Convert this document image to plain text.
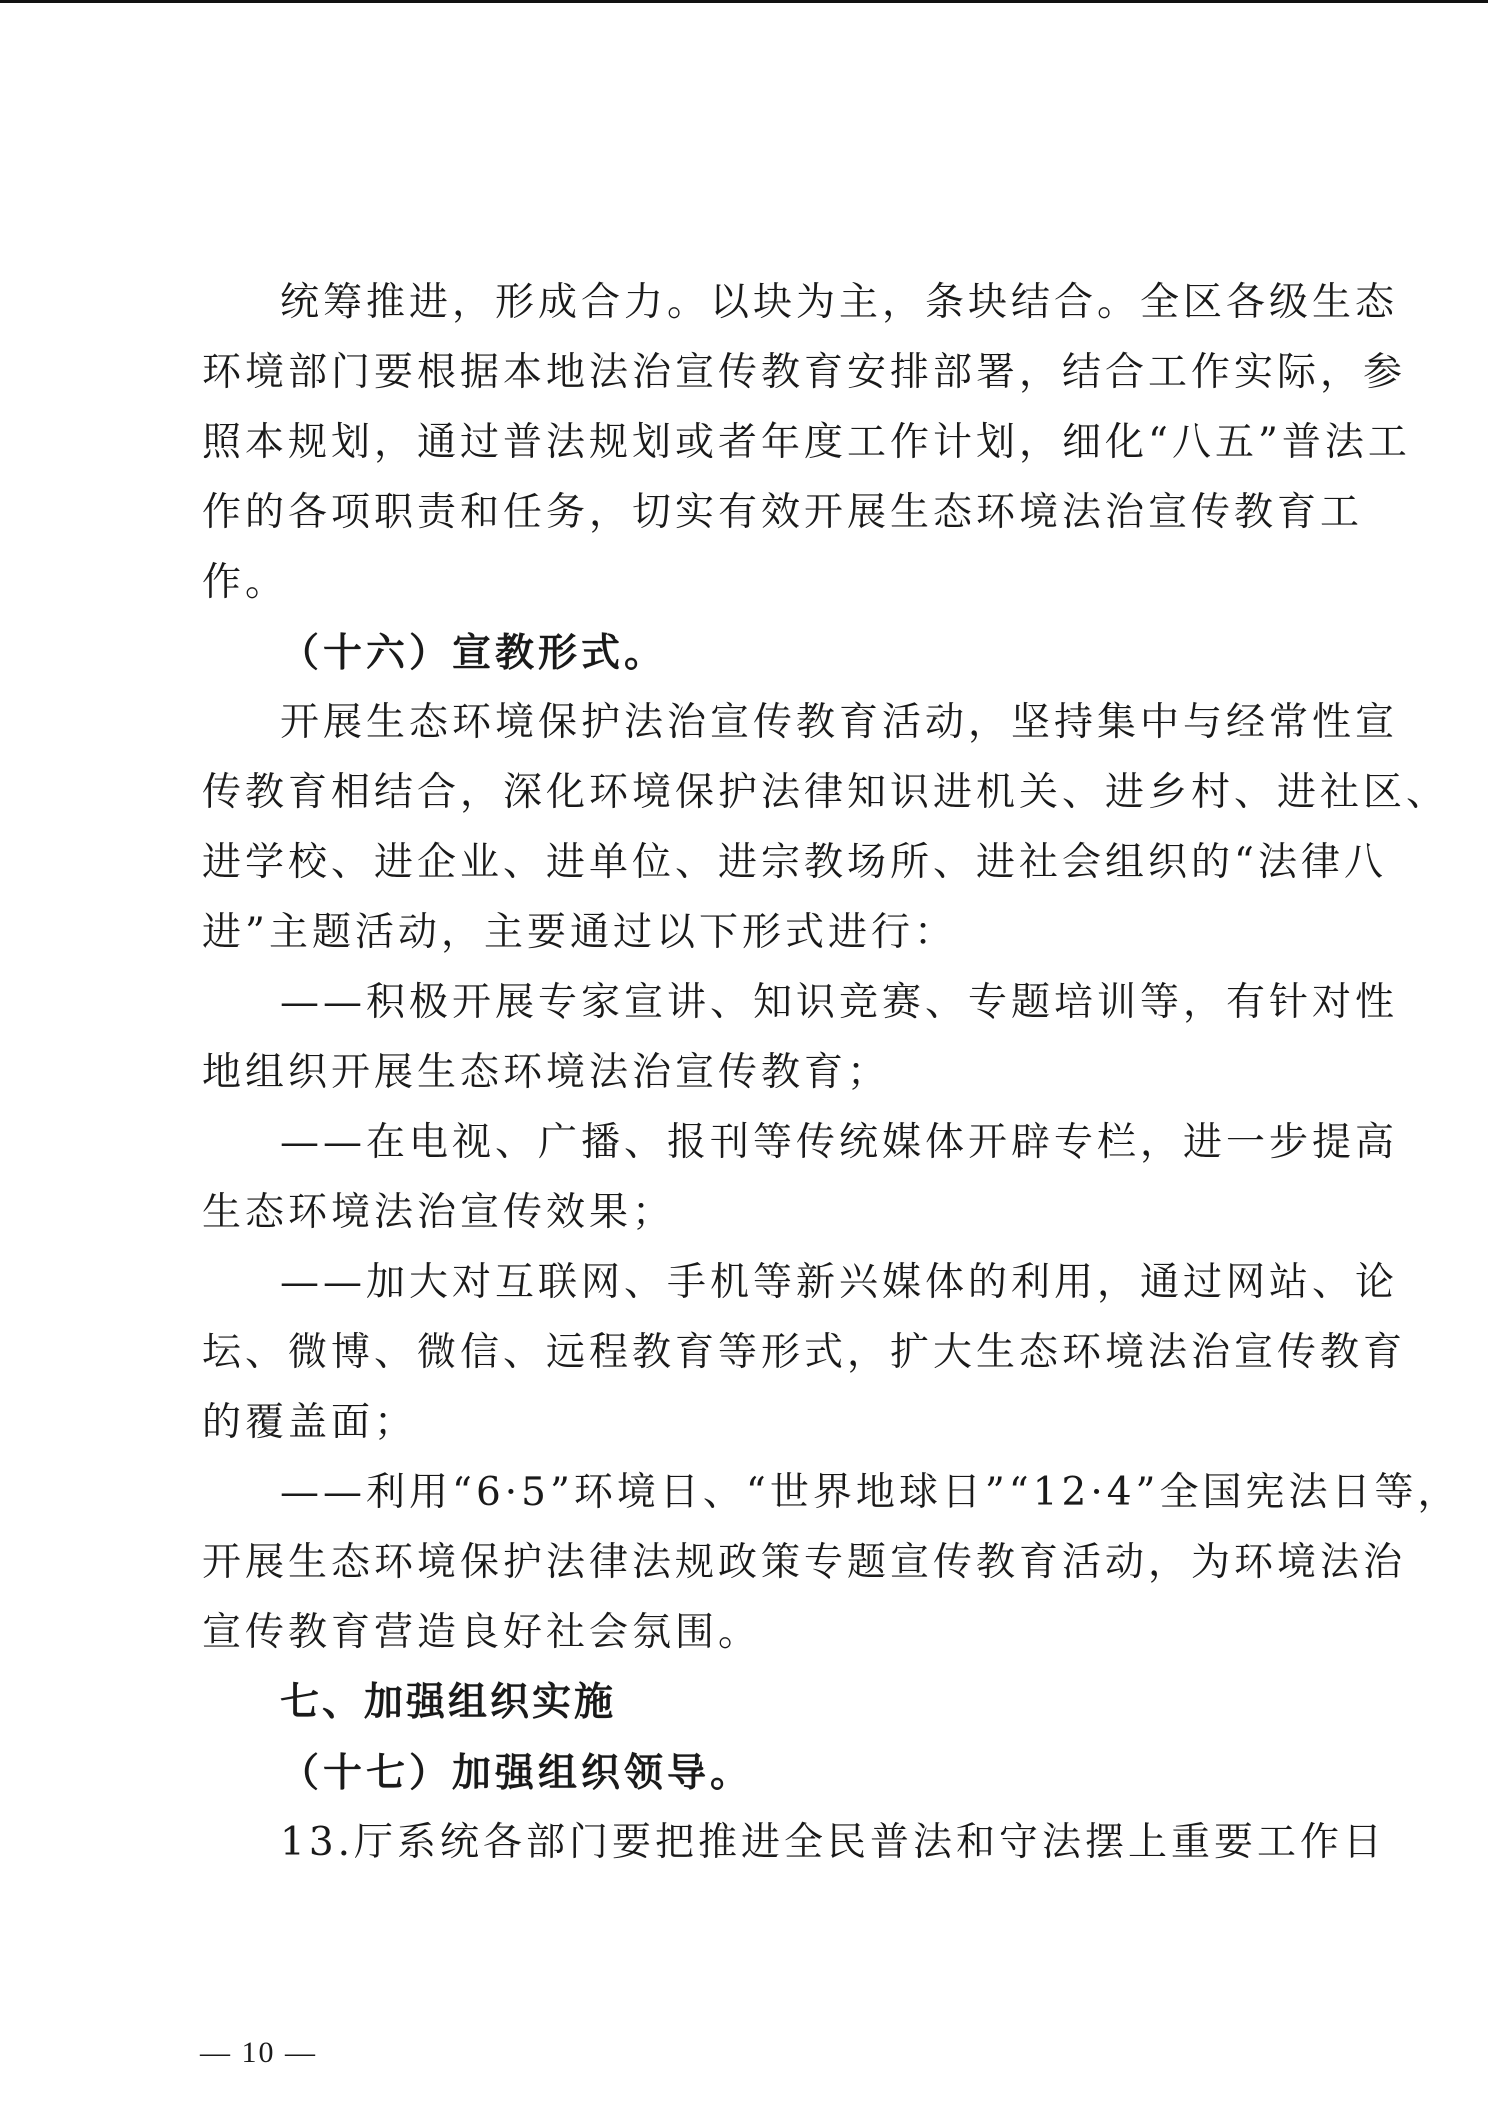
统筹推进，形成合力。以块为主，条块结合。全区各级生态
环境部门要根据本地法治宣传教育安排部署，结合工作实际，参
照本规划，通过普法规划或者年度工作计划，细化“八五”普法工
作的各项职责和任务，切实有效开展生态环境法治宣传教育工
作。
（十六）宣教形式。
开展生态环境保护法治宣传教育活动，坚持集中与经常性宣
传教育相结合，深化环境保护法律知识进机关、进乡村、进社区、
进学校、进企业、进单位、进宗教场所、进社会组织的“法律八
进”主题活动，主要通过以下形式进行：
——积极开展专家宣讲、知识竞赛、专题培训等，有针对性
地组织开展生态环境法治宣传教育；
——在电视、广播、报刊等传统媒体开辟专栏，进一步提高
生态环境法治宣传效果；
——加大对互联网、手机等新兴媒体的利用，通过网站、论
坛、微博、微信、远程教育等形式，扩大生态环境法治宣传教育
的覆盖面；
——利用“6·5”环境日、“世界地球日”“12·4”全国宪法日等，
开展生态环境保护法律法规政策专题宣传教育活动，为环境法治
宣传教育营造良好社会氛围。
七、加强组织实施
（十七）加强组织领导。
13.厅系统各部门要把推进全民普法和守法摆上重要工作日
— 10 —
